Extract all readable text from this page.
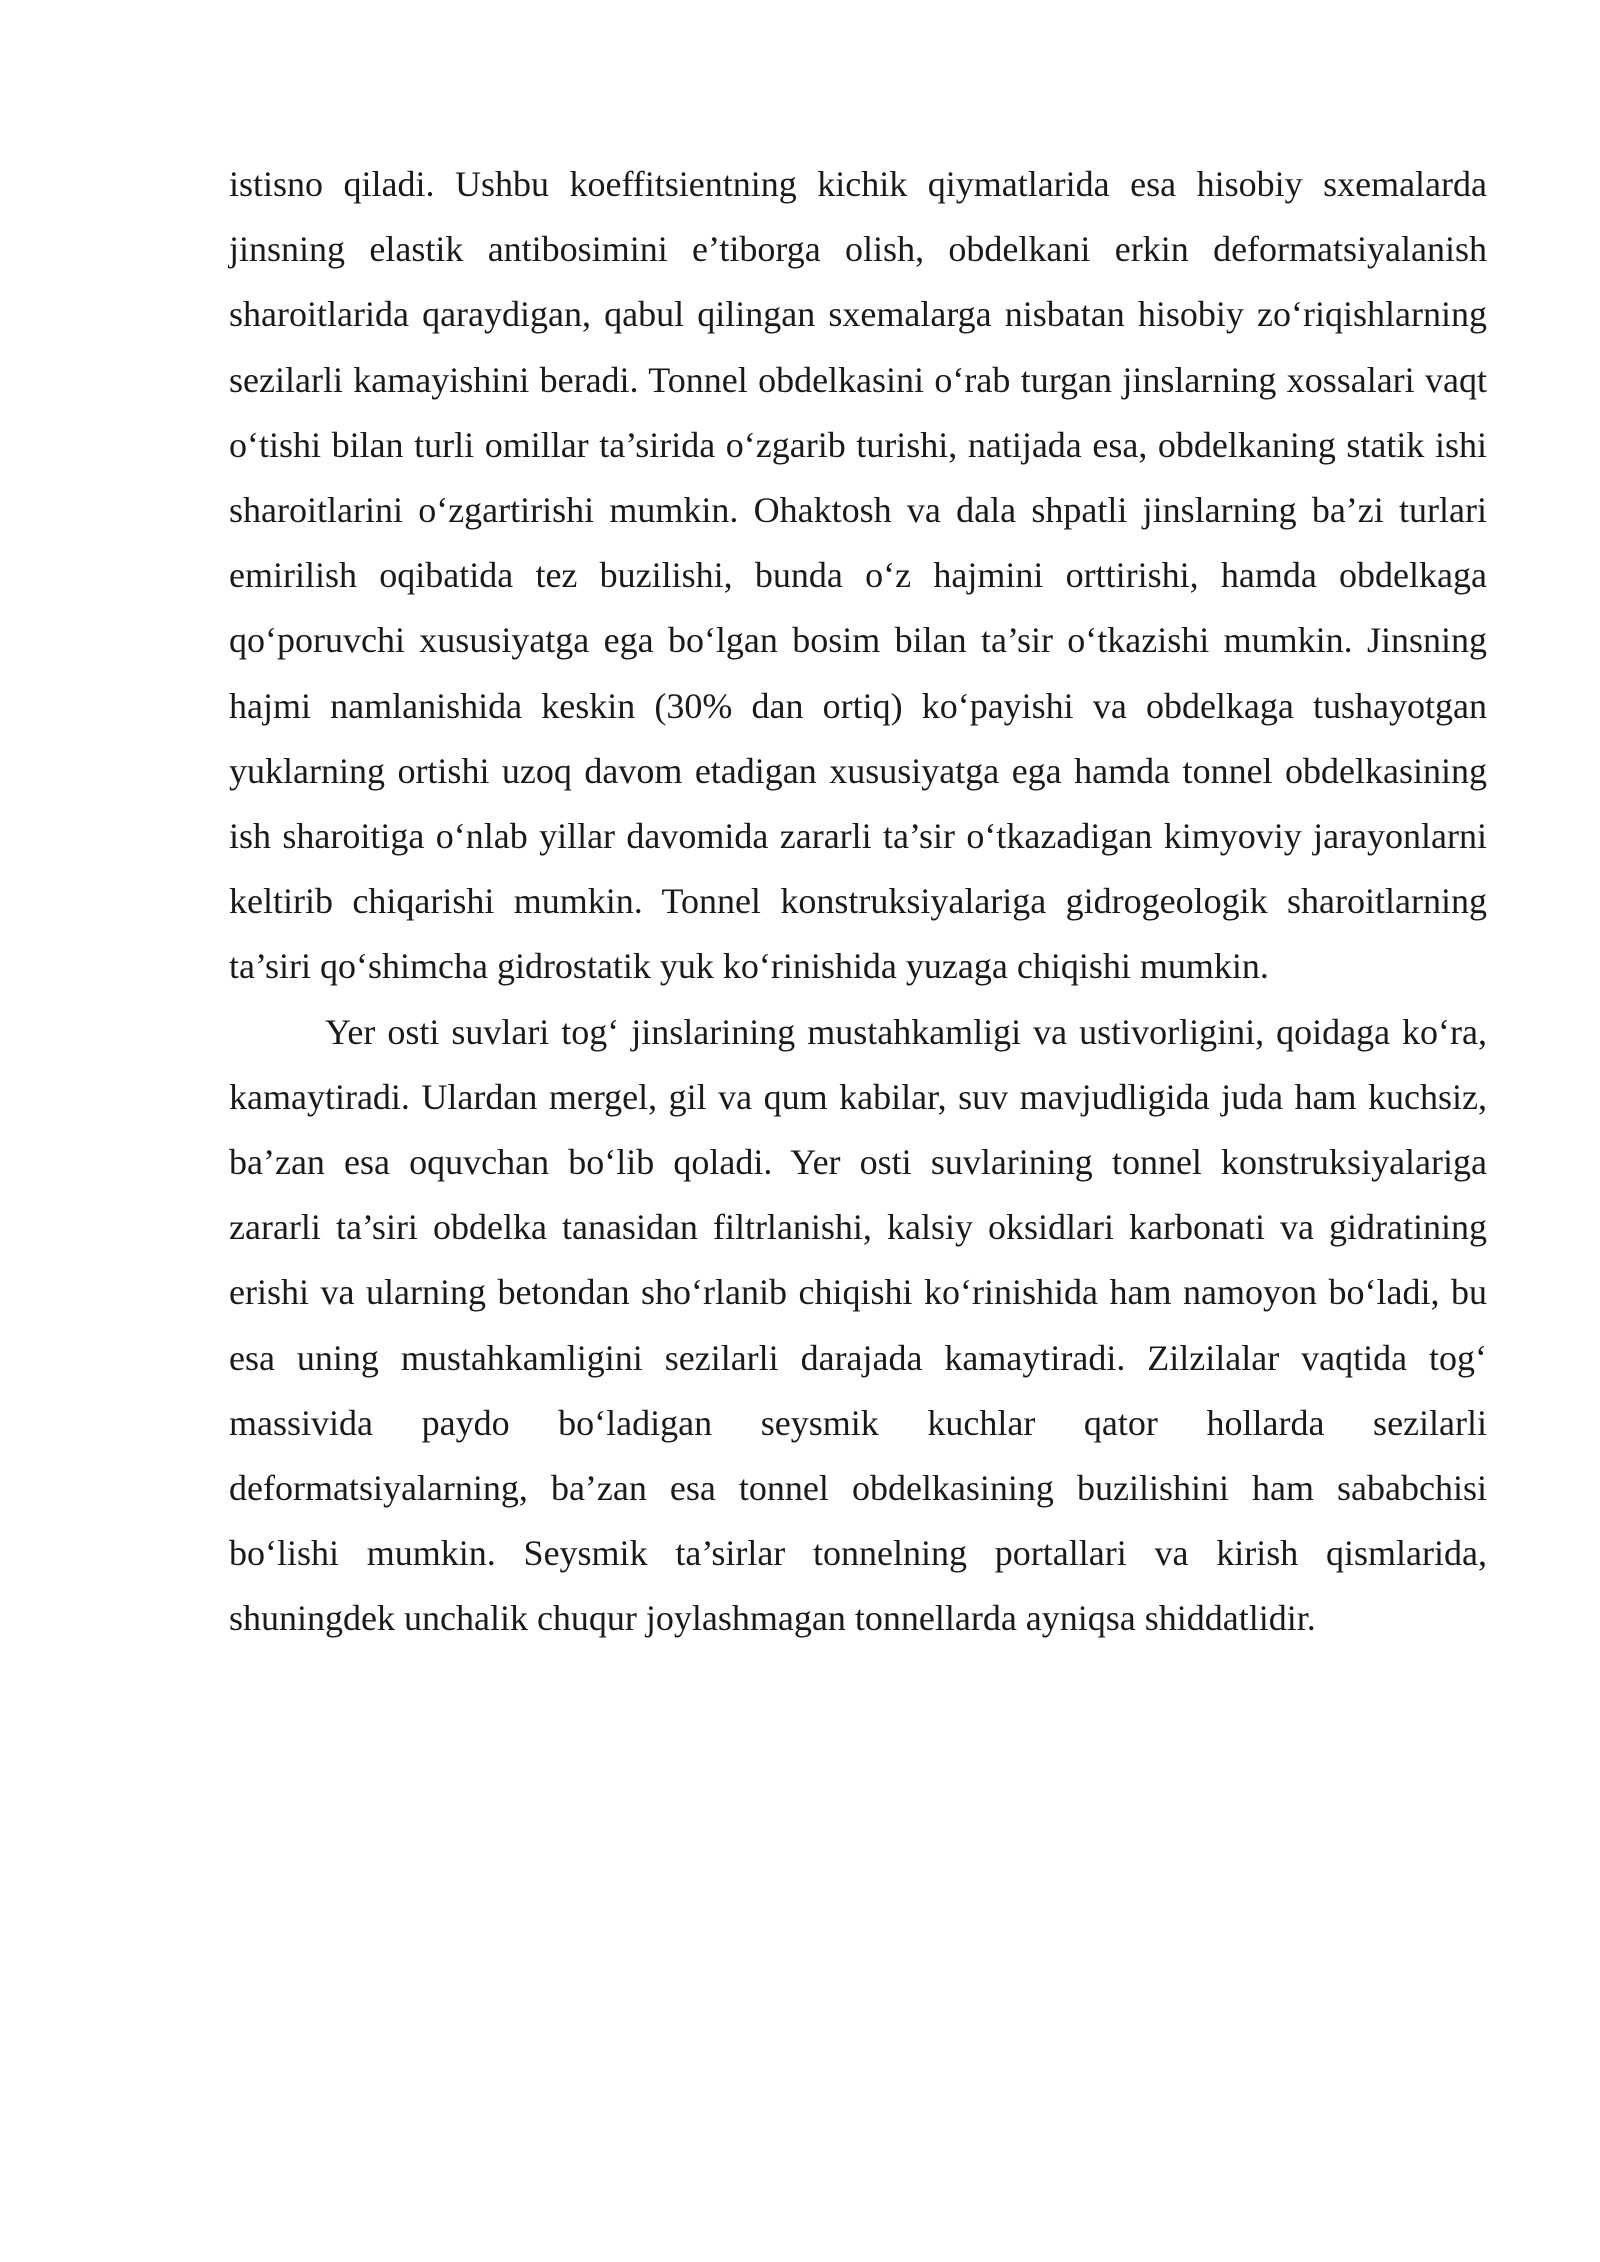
istisno qiladi. Ushbu koeffitsientning kichik qiymatlarida esa hisobiy sxemalarda jinsning elastik antibosimini e’tiborga olish, obdelkani erkin deformatsiyalanish sharoitlarida qaraydigan, qabul qilingan sxemalarga nisbatan hisobiy zo‘riqishlarning sezilarli kamayishini beradi. Tonnel obdelkasini o‘rab turgan jinslarning xossalari vaqt o‘tishi bilan turli omillar ta’sirida o‘zgarib turishi, natijada esa, obdelkaning statik ishi sharoitlarini o‘zgartirishi mumkin. Ohaktosh va dala shpatli jinslarning ba’zi turlari emirilish oqibatida tez buzilishi, bunda o‘z hajmini orttirishi, hamda obdelkaga qo‘poruvchi xususiyatga ega bo‘lgan bosim bilan ta’sir o‘tkazishi mumkin. Jinsning hajmi namlanishida keskin (30% dan ortiq) ko‘payishi va obdelkaga tushayotgan yuklarning ortishi uzoq davom etadigan xususiyatga ega hamda tonnel obdelkasining ish sharoitiga o‘nlab yillar davomida zararli ta’sir o‘tkazadigan kimyoviy jarayonlarni keltirib chiqarishi mumkin. Tonnel konstruksiyalariga gidrogeologik sharoitlarning ta’siri qo‘shimcha gidrostatik yuk ko‘rinishida yuzaga chiqishi mumkin.

Yer osti suvlari tog‘ jinslarining mustahkamligi va ustivorligini, qoidaga ko‘ra, kamaytiradi. Ulardan mergel, gil va qum kabilar, suv mavjudligida juda ham kuchsiz, ba’zan esa oquvchan bo‘lib qoladi. Yer osti suvlarining tonnel konstruksiyalariga zararli ta’siri obdelka tanasidan filtrlanishi, kalsiy oksidlari karbonati va gidratining erishi va ularning betondan sho‘rlanib chiqishi ko‘rinishida ham namoyon bo‘ladi, bu esa uning mustahkamligini sezilarli darajada kamaytiradi. Zilzilalar vaqtida tog‘ massivida paydo bo‘ladigan seysmik kuchlar qator hollarda sezilarli deformatsiyalarning, ba’zan esa tonnel obdelkasining buzilishini ham sababchisi bo‘lishi mumkin. Seysmik ta’sirlar tonnelning portallari va kirish qismlarida, shuningdek unchalik chuqur joylashmagan tonnellarda ayniqsa shiddatlidir.
